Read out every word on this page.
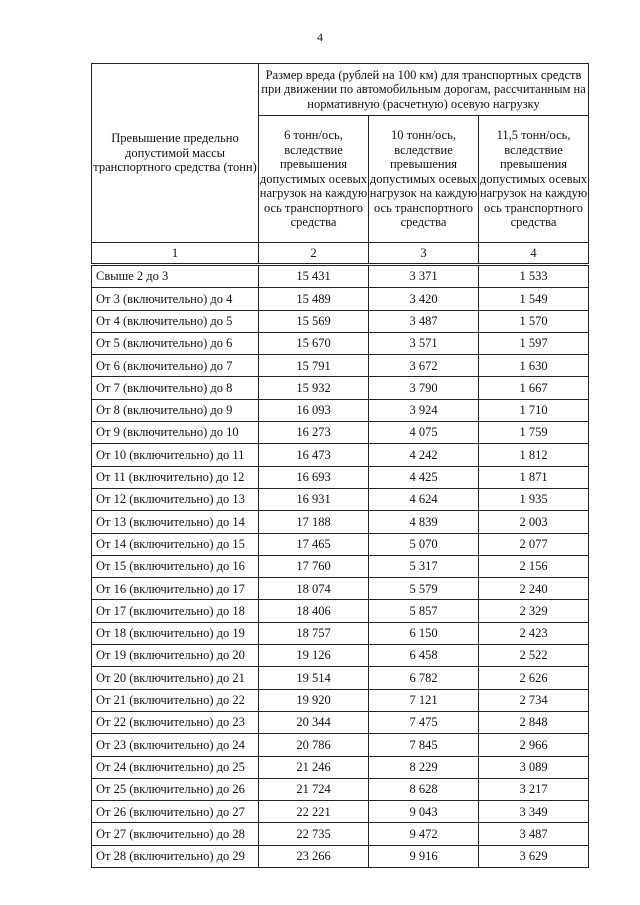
4
Превышение предельно допустимой массы транспортного средства (тонн)	Размер вреда (рублей на 100 км) для транспортных средств при движении по автомобильным дорогам, рассчитанным на нормативную (расчетную) осевую нагрузку		
	6 тонн/ось, вследствие превышения допустимых осевых нагрузок на каждую ось транспортного средства	10 тонн/ось, вследствие превышения допустимых осевых нагрузок на каждую ось транспортного средства	11,5 тонн/ось, вследствие превышения допустимых осевых нагрузок на каждую ось транспортного средства
1	2	3	4
Свыше 2 до 3	15 431	3 371	1 533
От 3 (включительно) до 4	15 489	3 420	1 549
От 4 (включительно) до 5	15 569	3 487	1 570
От 5 (включительно) до 6	15 670	3 571	1 597
От 6 (включительно) до 7	15 791	3 672	1 630
От 7 (включительно) до 8	15 932	3 790	1 667
От 8 (включительно) до 9	16 093	3 924	1 710
От 9 (включительно) до 10	16 273	4 075	1 759
От 10 (включительно) до 11	16 473	4 242	1 812
От 11 (включительно) до 12	16 693	4 425	1 871
От 12 (включительно) до 13	16 931	4 624	1 935
От 13 (включительно) до 14	17 188	4 839	2 003
От 14 (включительно) до 15	17 465	5 070	2 077
От 15 (включительно) до 16	17 760	5 317	2 156
От 16 (включительно) до 17	18 074	5 579	2 240
От 17 (включительно) до 18	18 406	5 857	2 329
От 18 (включительно) до 19	18 757	6 150	2 423
От 19 (включительно) до 20	19 126	6 458	2 522
От 20 (включительно) до 21	19 514	6 782	2 626
От 21 (включительно) до 22	19 920	7 121	2 734
От 22 (включительно) до 23	20 344	7 475	2 848
От 23 (включительно) до 24	20 786	7 845	2 966
От 24 (включительно) до 25	21 246	8 229	3 089
От 25 (включительно) до 26	21 724	8 628	3 217
От 26 (включительно) до 27	22 221	9 043	3 349
От 27 (включительно) до 28	22 735	9 472	3 487
От 28 (включительно) до 29	23 266	9 916	3 629
